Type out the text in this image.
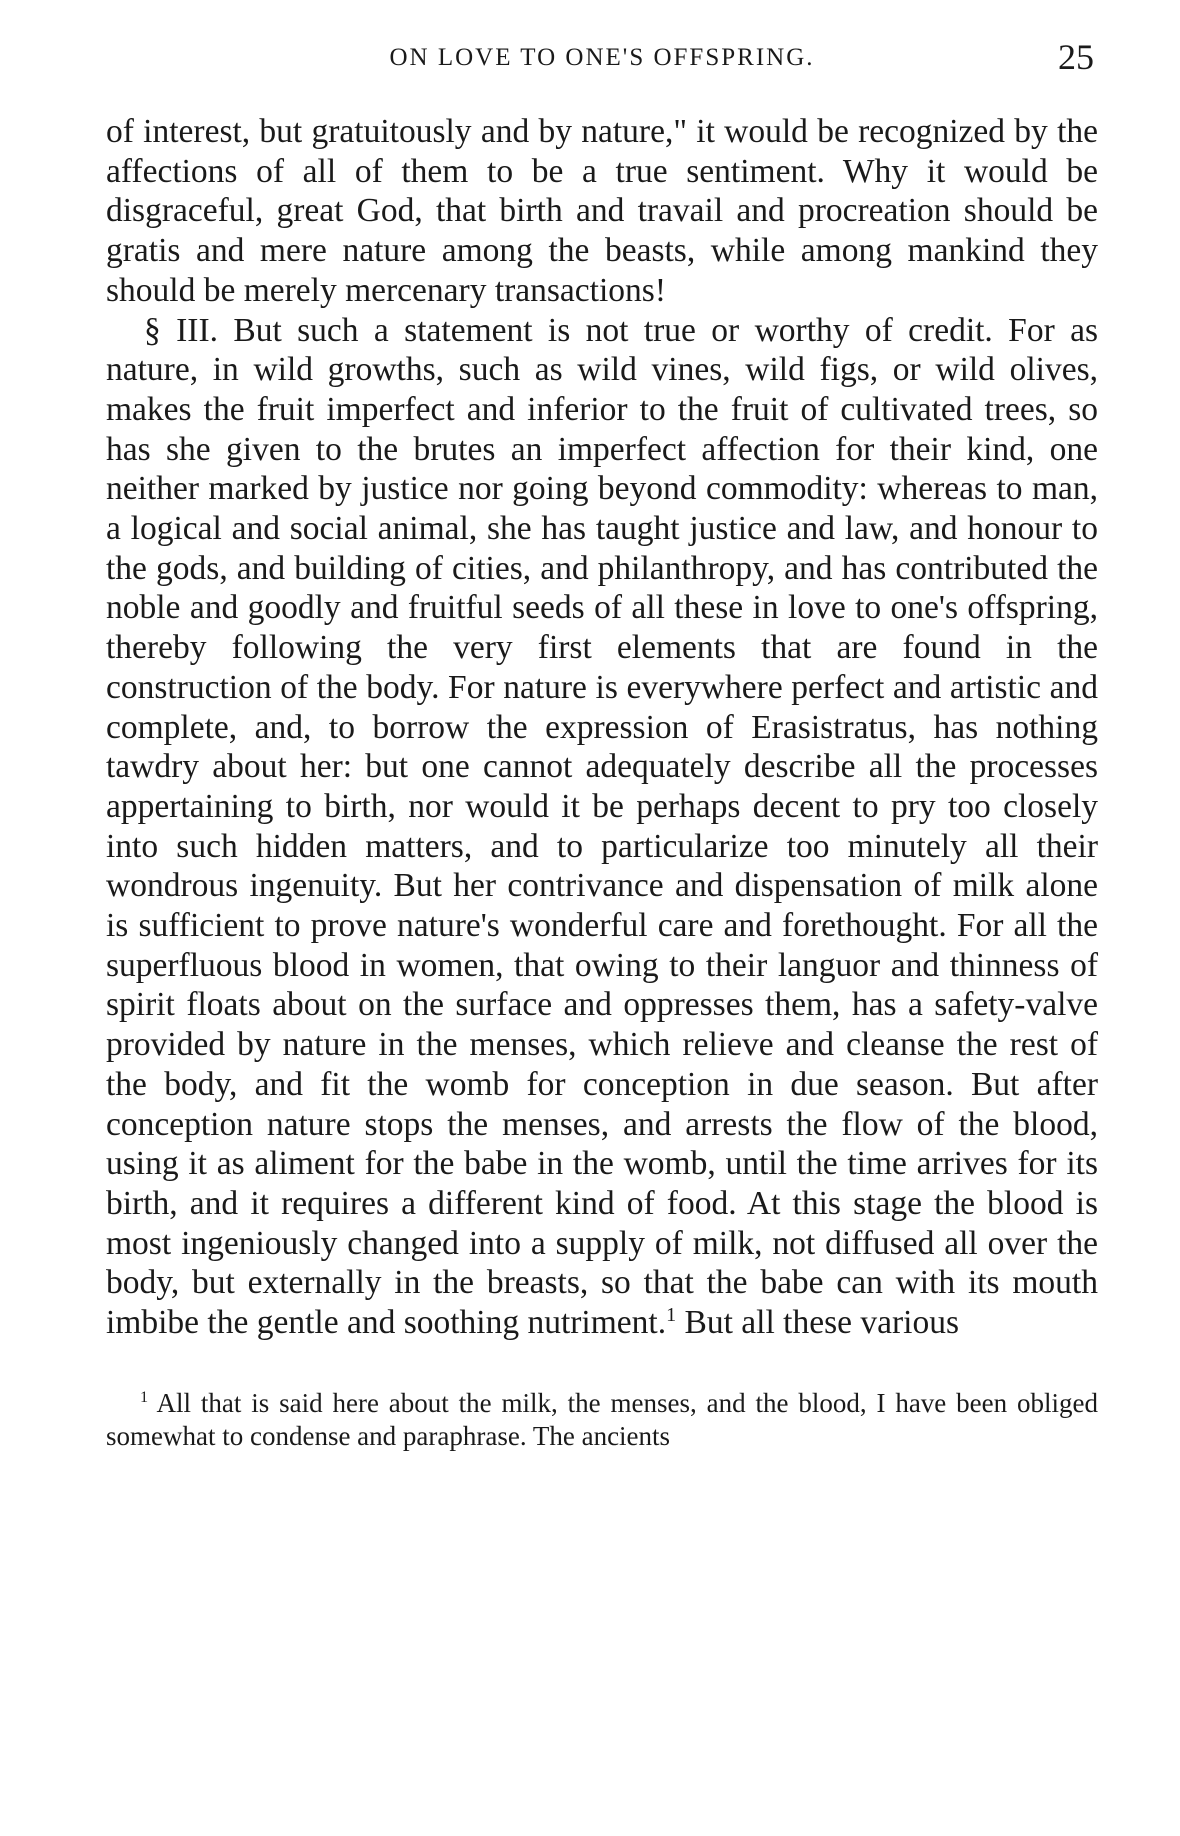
ON LOVE TO ONE'S OFFSPRING.	25

of interest, but gratuitously and by nature," it would be recognized by the affections of all of them to be a true sentiment. Why it would be disgraceful, great God, that birth and travail and procreation should be gratis and mere nature among the beasts, while among mankind they should be merely mercenary transactions!

§ III. But such a statement is not true or worthy of credit. For as nature, in wild growths, such as wild vines, wild figs, or wild olives, makes the fruit imperfect and inferior to the fruit of cultivated trees, so has she given to the brutes an imperfect affection for their kind, one neither marked by justice nor going beyond commodity: whereas to man, a logical and social animal, she has taught justice and law, and honour to the gods, and building of cities, and philanthropy, and has contributed the noble and goodly and fruitful seeds of all these in love to one's offspring, thereby following the very first elements that are found in the construction of the body. For nature is everywhere perfect and artistic and complete, and, to borrow the expression of Erasistratus, has nothing tawdry about her: but one cannot adequately describe all the processes appertaining to birth, nor would it be perhaps decent to pry too closely into such hidden matters, and to particularize too minutely all their wondrous ingenuity. But her contrivance and dispensation of milk alone is sufficient to prove nature's wonderful care and forethought. For all the superfluous blood in women, that owing to their languor and thinness of spirit floats about on the surface and oppresses them, has a safety-valve provided by nature in the menses, which relieve and cleanse the rest of the body, and fit the womb for conception in due season. But after conception nature stops the menses, and arrests the flow of the blood, using it as aliment for the babe in the womb, until the time arrives for its birth, and it requires a different kind of food. At this stage the blood is most ingeniously changed into a supply of milk, not diffused all over the body, but externally in the breasts, so that the babe can with its mouth imbibe the gentle and soothing nutriment.$^1$ But all these various

$^1$ All that is said here about the milk, the menses, and the blood, I have been obliged somewhat to condense and paraphrase. The ancients
